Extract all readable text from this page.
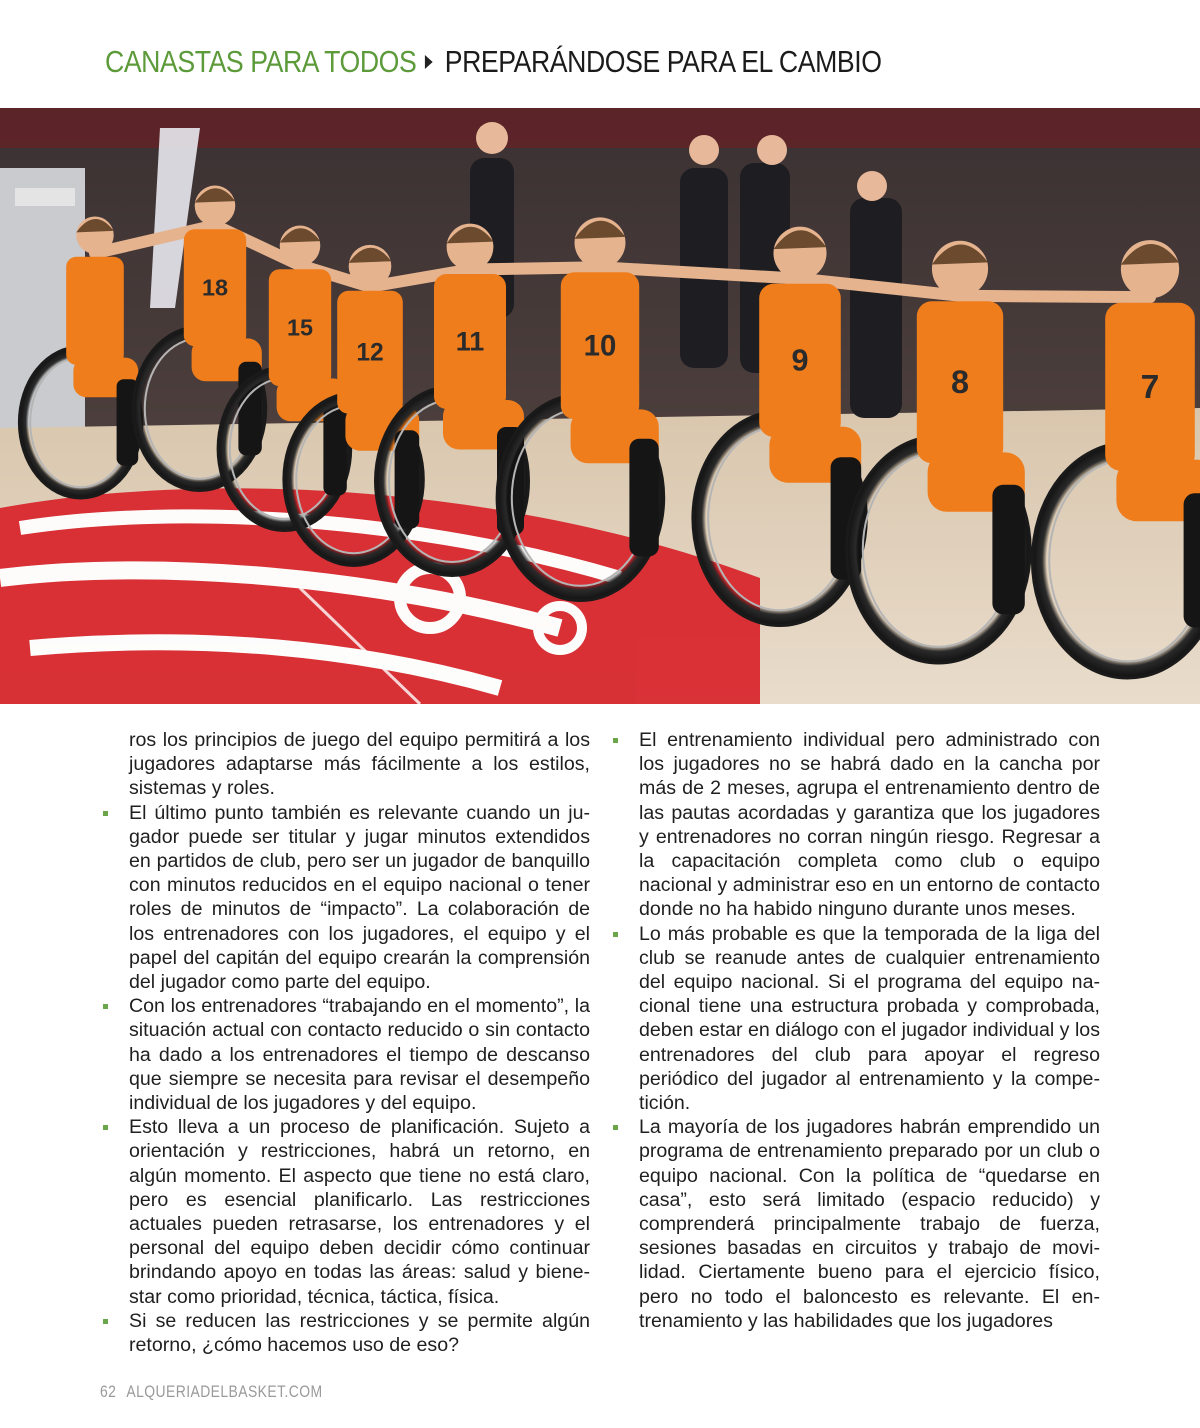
CANASTAS PARA TODOS PREPARÁNDOSE PARA EL CAMBIO
18
15
12	11	10	9
8	7

ros los principios de juego del equipo permitirá a los jugadores adaptarse más fácilmente a los estilos, sistemas y roles.

El último punto también es relevante cuando un jugador puede ser titular y jugar minutos extendidos en partidos de club, pero ser un jugador de banquillo con minutos reducidos en el equipo nacional o tener roles de minutos de “impacto”. La colaboración de los entrenadores con los jugadores, el equipo y el papel del capitán del equipo crearán la comprensión del jugador como parte del equipo.
Con los entrenadores “trabajando en el momento”, la situación actual con contacto reducido o sin contacto ha dado a los entrenadores el tiempo de descanso que siempre se necesita para revisar el desempeño individual de los jugadores y del equipo.
Esto lleva a un proceso de planificación. Sujeto a orientación y restricciones, habrá un retorno, en algún momento. El aspecto que tiene no está claro, pero es esencial planificarlo. Las restricciones actuales pueden retrasarse, los entrenadores y el personal del equipo deben decidir cómo continuar brindando apoyo en todas las áreas: salud y bienestar como prioridad, técnica, táctica, física.
Si se reducen las restricciones y se permite algún retorno, ¿cómo hacemos uso de eso?
El entrenamiento individual pero administrado con los jugadores no se habrá dado en la cancha por más de 2 meses, agrupa el entrenamiento dentro de las pautas acordadas y garantiza que los jugadores y entrenadores no corran ningún riesgo. Regresar a la capacitación completa como club o equipo nacional y administrar eso en un entorno de contacto donde no ha habido ninguno durante unos meses.
Lo más probable es que la temporada de la liga del club se reanude antes de cualquier entrenamiento del equipo nacional. Si el programa del equipo nacional tiene una estructura probada y comprobada, deben estar en diálogo con el jugador individual y los entrenadores del club para apoyar el regreso periódico del jugador al entrenamiento y la competición.
La mayoría de los jugadores habrán emprendido un programa de entrenamiento preparado por un club o equipo nacional. Con la política de “quedarse en casa”, esto será limitado (espacio reducido) y comprenderá principalmente trabajo de fuerza, sesiones basadas en circuitos y trabajo de movilidad. Ciertamente bueno para el ejercicio físico, pero no todo el baloncesto es relevante. El entrenamiento y las habilidades que los jugadores
62 ALQUERIADELBASKET.COM
